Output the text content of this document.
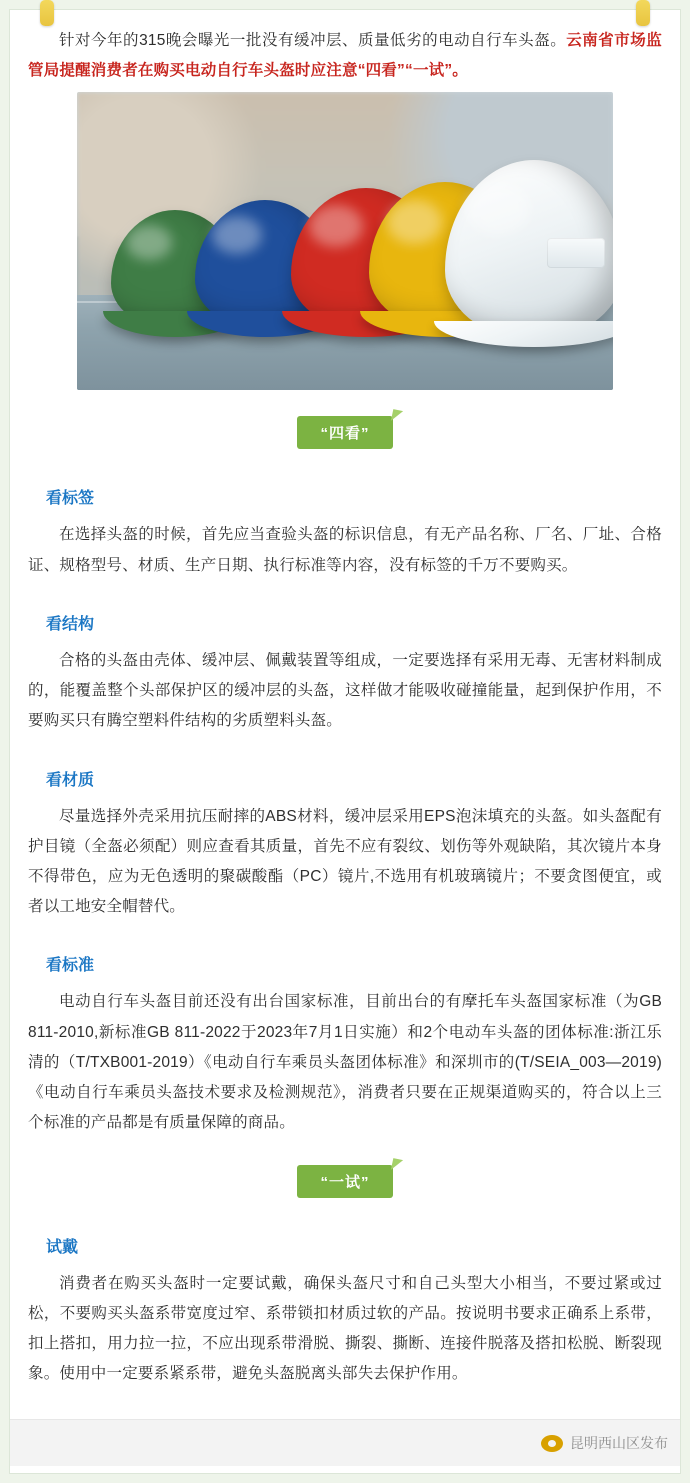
针对今年的315晚会曝光一批没有缓冲层、质量低劣的电动自行车头盔。云南省市场监管局提醒消费者在购买电动自行车头盔时应注意“四看”“一试”。

“四看”
看标签

在选择头盔的时候，首先应当查验头盔的标识信息，有无产品名称、厂名、厂址、合格证、规格型号、材质、生产日期、执行标准等内容，没有标签的千万不要购买。

看结构

合格的头盔由壳体、缓冲层、佩戴装置等组成，一定要选择有采用无毒、无害材料制成的，能覆盖整个头部保护区的缓冲层的头盔，这样做才能吸收碰撞能量，起到保护作用，不要购买只有腾空塑料件结构的劣质塑料头盔。

看材质

尽量选择外壳采用抗压耐摔的ABS材料，缓冲层采用EPS泡沫填充的头盔。如头盔配有护目镜（全盔必须配）则应查看其质量，首先不应有裂纹、划伤等外观缺陷，其次镜片本身不得带色，应为无色透明的聚碳酸酯（PC）镜片,不选用有机玻璃镜片；不要贪图便宜，或者以工地安全帽替代。

看标准

电动自行车头盔目前还没有出台国家标准，目前出台的有摩托车头盔国家标准（为GB 811-2010,新标准GB 811-2022于2023年7月1日实施）和2个电动车头盔的团体标准:浙江乐清的（T/TXB001-2019）《电动自行车乘员头盔团体标准》和深圳市的(T/SEIA_003—2019)《电动自行车乘员头盔技术要求及检测规范》，消费者只要在正规渠道购买的，符合以上三个标准的产品都是有质量保障的商品。

“一试”
试戴

消费者在购买头盔时一定要试戴，确保头盔尺寸和自己头型大小相当，不要过紧或过松，不要购买头盔系带宽度过窄、系带锁扣材质过软的产品。按说明书要求正确系上系带，扣上搭扣，用力拉一拉，不应出现系带滑脱、撕裂、撕断、连接件脱落及搭扣松脱、断裂现象。使用中一定要系紧系带，避免头盔脱离头部失去保护作用。

昆明西山区发布
